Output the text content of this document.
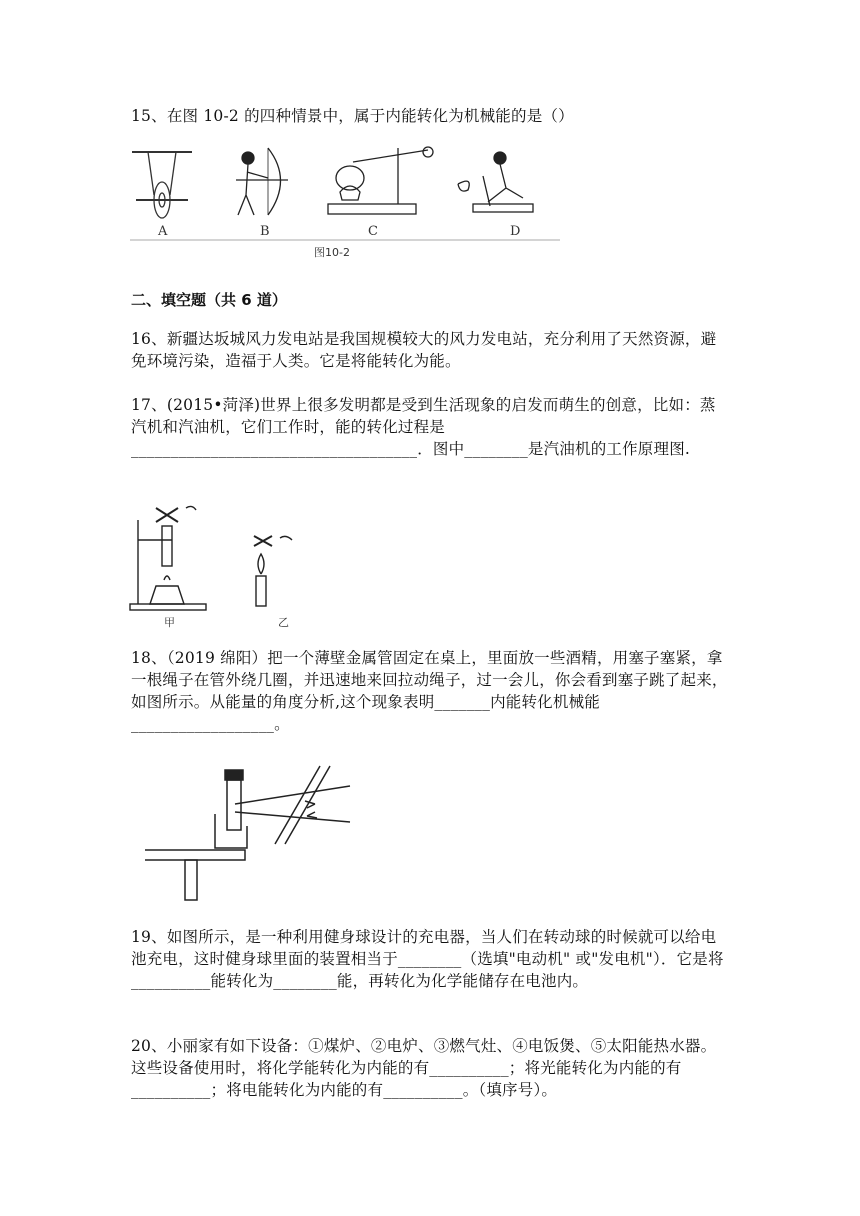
15、在图 10-2 的四种情景中，属于内能转化为机械能的是（）
A	B	C	D
图10-2
二、填空题（共 6 道）
16、新疆达坂城风力发电站是我国规模较大的风力发电站，充分利用了天然资源，避免环境污染，造福于人类。它是将能转化为能。
17、(2015•菏泽)世界上很多发明都是受到生活现象的启发而萌生的创意，比如：蒸汽机和汽油机，它们工作时，能的转化过程是____________________________________．图中________是汽油机的工作原理图.
甲	乙
18、（2019 绵阳）把一个薄壁金属管固定在桌上，里面放一些酒精，用塞子塞紧，拿一根绳子在管外绕几圈，并迅速地来回拉动绳子，过一会儿，你会看到塞子跳了起来，如图所示。从能量的角度分析,这个现象表明_______内能转化机械能__________________。
19、如图所示，是一种利用健身球设计的充电器，当人们在转动球的时候就可以给电池充电，这时健身球里面的装置相当于________（选填"电动机" 或"发电机"）．它是将__________能转化为________能，再转化为化学能储存在电池内。
20、小丽家有如下设备：①煤炉、②电炉、③燃气灶、④电饭煲、⑤太阳能热水器。这些设备使用时，将化学能转化为内能的有__________；将光能转化为内能的有__________；将电能转化为内能的有__________。（填序号）。
